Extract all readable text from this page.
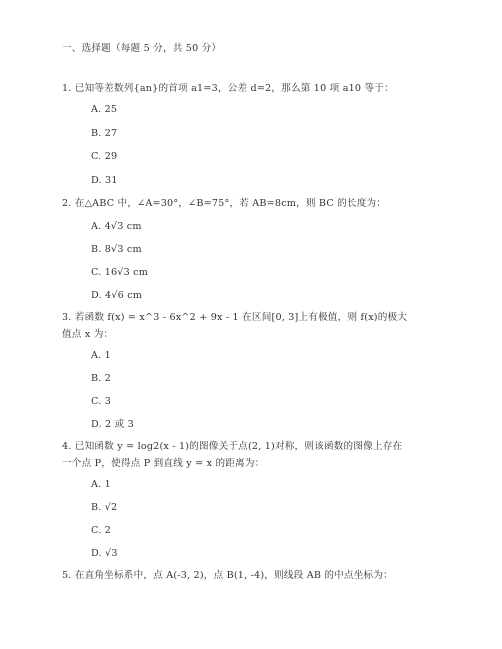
一、选择题（每题 5 分，共 50 分）
1. 已知等差数列{an}的首项 a1=3，公差 d=2，那么第 10 项 a10 等于：
A. 25
B. 27
C. 29
D. 31
2. 在△ABC 中，∠A=30°，∠B=75°，若 AB=8cm，则 BC 的长度为：
A. 4√3 cm
B. 8√3 cm
C. 16√3 cm
D. 4√6 cm
3. 若函数 f(x) = x^3 - 6x^2 + 9x - 1 在区间[0, 3]上有极值，则 f(x)的极大
值点 x 为：
A. 1
B. 2
C. 3
D. 2 或 3
4. 已知函数 y = log2(x - 1)的图像关于点(2, 1)对称，则该函数的图像上存在
一个点 P，使得点 P 到直线 y = x 的距离为：
A. 1
B. √2
C. 2
D. √3
5. 在直角坐标系中，点 A(-3, 2)，点 B(1, -4)，则线段 AB 的中点坐标为：
